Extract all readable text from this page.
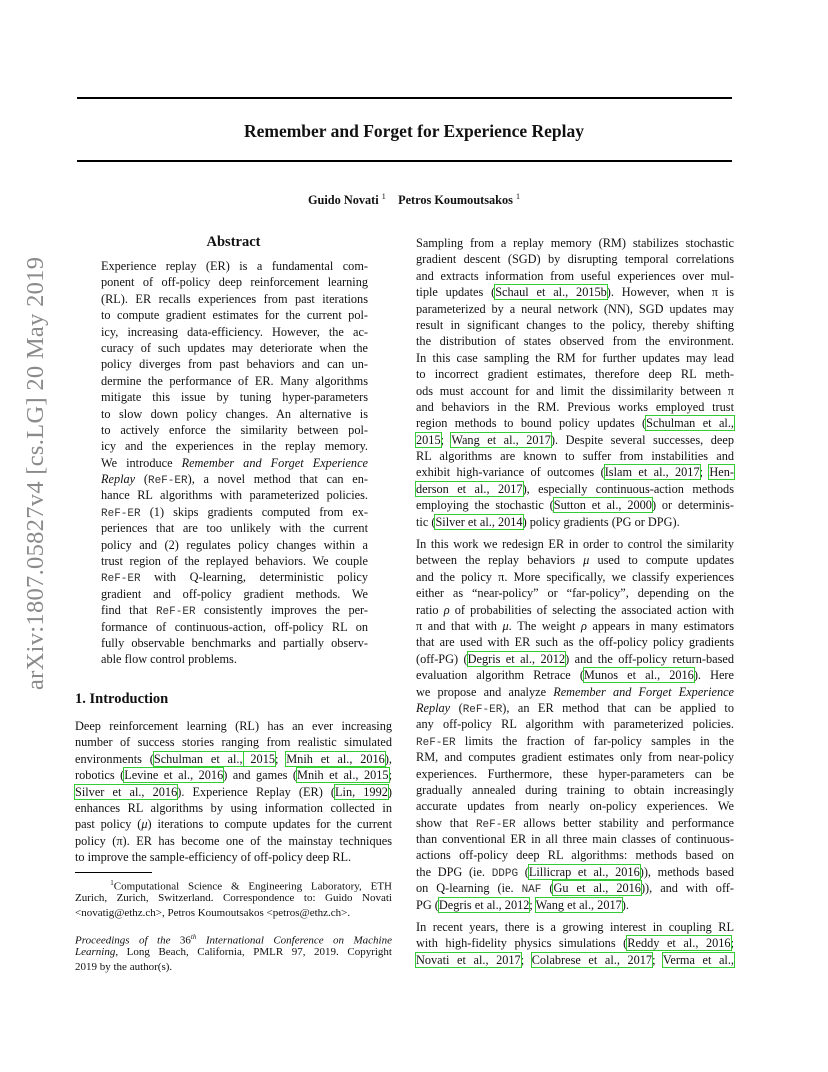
Remember and Forget for Experience Replay
Guido Novati $^1$ Petros Koumoutsakos $^1$
arXiv:1807.05827v4 [cs.LG] 20 May 2019
Abstract
Experience replay (ER) is a fundamental com-
ponent of off-policy deep reinforcement learning
(RL). ER recalls experiences from past iterations
to compute gradient estimates for the current pol-
icy, increasing data-efficiency. However, the ac-
curacy of such updates may deteriorate when the
policy diverges from past behaviors and can un-
dermine the performance of ER. Many algorithms
mitigate this issue by tuning hyper-parameters
to slow down policy changes. An alternative is
to actively enforce the similarity between pol-
icy and the experiences in the replay memory.
We introduce Remember and Forget Experience
Replay (ReF-ER), a novel method that can en-
hance RL algorithms with parameterized policies.
ReF-ER (1) skips gradients computed from ex-
periences that are too unlikely with the current
policy and (2) regulates policy changes within a
trust region of the replayed behaviors. We couple
ReF-ER with Q-learning, deterministic policy
gradient and off-policy gradient methods. We
find that ReF-ER consistently improves the per-
formance of continuous-action, off-policy RL on
fully observable benchmarks and partially observ-
able flow control problems.
1. Introduction
Deep reinforcement learning (RL) has an ever increasing
number of success stories ranging from realistic simulated
environments (Schulman et al., 2015; Mnih et al., 2016),
robotics (Levine et al., 2016) and games (Mnih et al., 2015;
Silver et al., 2016). Experience Replay (ER) (Lin, 1992)
enhances RL algorithms by using information collected in
past policy (μ) iterations to compute updates for the current
policy (π). ER has become one of the mainstay techniques
to improve the sample-efficiency of off-policy deep RL.
$^1$Computational Science & Engineering Laboratory, ETH
Zurich, Zurich, Switzerland. Correspondence to: Guido Novati
<novatig@ethz.ch>, Petros Koumoutsakos <petros@ethz.ch>.
Proceedings of the 36th International Conference on Machine
Learning, Long Beach, California, PMLR 97, 2019. Copyright
2019 by the author(s).
Sampling from a replay memory (RM) stabilizes stochastic
gradient descent (SGD) by disrupting temporal correlations
and extracts information from useful experiences over mul-
tiple updates (Schaul et al., 2015b). However, when π is
parameterized by a neural network (NN), SGD updates may
result in significant changes to the policy, thereby shifting
the distribution of states observed from the environment.
In this case sampling the RM for further updates may lead
to incorrect gradient estimates, therefore deep RL meth-
ods must account for and limit the dissimilarity between π
and behaviors in the RM. Previous works employed trust
region methods to bound policy updates (Schulman et al.,
2015; Wang et al., 2017). Despite several successes, deep
RL algorithms are known to suffer from instabilities and
exhibit high-variance of outcomes (Islam et al., 2017; Hen-
derson et al., 2017), especially continuous-action methods
employing the stochastic (Sutton et al., 2000) or determinis-
tic (Silver et al., 2014) policy gradients (PG or DPG).
In this work we redesign ER in order to control the similarity
between the replay behaviors μ used to compute updates
and the policy π. More specifically, we classify experiences
either as “near-policy” or “far-policy”, depending on the
ratio ρ of probabilities of selecting the associated action with
π and that with μ. The weight ρ appears in many estimators
that are used with ER such as the off-policy policy gradients
(off-PG) (Degris et al., 2012) and the off-policy return-based
evaluation algorithm Retrace (Munos et al., 2016). Here
we propose and analyze Remember and Forget Experience
Replay (ReF-ER), an ER method that can be applied to
any off-policy RL algorithm with parameterized policies.
ReF-ER limits the fraction of far-policy samples in the
RM, and computes gradient estimates only from near-policy
experiences. Furthermore, these hyper-parameters can be
gradually annealed during training to obtain increasingly
accurate updates from nearly on-policy experiences. We
show that ReF-ER allows better stability and performance
than conventional ER in all three main classes of continuous-
actions off-policy deep RL algorithms: methods based on
the DPG (ie. DDPG (Lillicrap et al., 2016)), methods based
on Q-learning (ie. NAF (Gu et al., 2016)), and with off-
PG (Degris et al., 2012; Wang et al., 2017).
In recent years, there is a growing interest in coupling RL
with high-fidelity physics simulations (Reddy et al., 2016;
Novati et al., 2017; Colabrese et al., 2017; Verma et al.,
